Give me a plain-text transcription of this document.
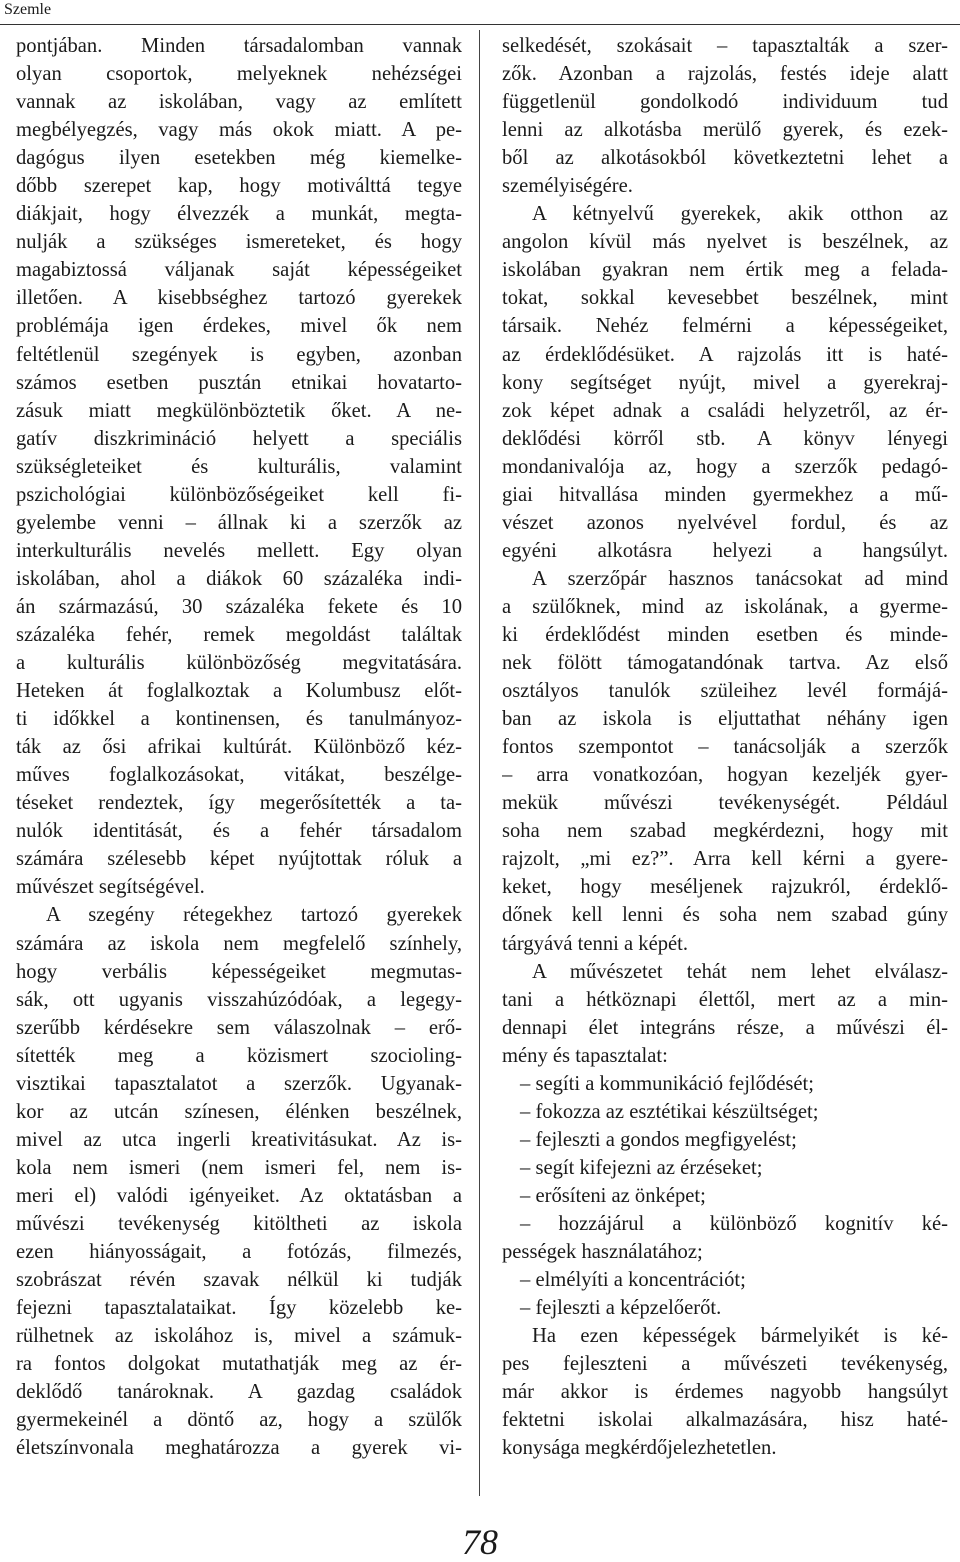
Szemle
pontjában. Minden társadalomban vannak
olyan csoportok, melyeknek nehézségei
vannak az iskolában, vagy az említett
megbélyegzés, vagy más okok miatt. A pe-
dagógus ilyen esetekben még kiemelke-
dőbb szerepet kap, hogy motiválttá tegye
diákjait, hogy élvezzék a munkát, megta-
nulják a szükséges ismereteket, és hogy
magabiztossá váljanak saját képességeiket
illetően. A kisebbséghez tartozó gyerekek
problémája igen érdekes, mivel ők nem
feltétlenül szegények is egyben, azonban
számos esetben pusztán etnikai hovatarto-
zásuk miatt megkülönböztetik őket. A ne-
gatív diszkrimináció helyett a speciális
szükségleteiket és kulturális, valamint
pszichológiai különbözőségeiket kell fi-
gyelembe venni – állnak ki a szerzők az
interkulturális nevelés mellett. Egy olyan
iskolában, ahol a diákok 60 százaléka indi-
án származású, 30 százaléka fekete és 10
százaléka fehér, remek megoldást találtak
a kulturális különbözőség megvitatására.
Heteken át foglalkoztak a Kolumbusz előt-
ti időkkel a kontinensen, és tanulmányoz-
ták az ősi afrikai kultúrát. Különböző kéz-
műves foglalkozásokat, vitákat, beszélge-
téseket rendeztek, így megerősítették a ta-
nulók identitását, és a fehér társadalom
számára szélesebb képet nyújtottak róluk a
művészet segítségével.
A szegény rétegekhez tartozó gyerekek
számára az iskola nem megfelelő színhely,
hogy verbális képességeiket megmutas-
sák, ott ugyanis visszahúzódóak, a legegy-
szerűbb kérdésekre sem válaszolnak – erő-
sítették meg a közismert szocioling-
visztikai tapasztalatot a szerzők. Ugyanak-
kor az utcán színesen, élénken beszélnek,
mivel az utca ingerli kreativitásukat. Az is-
kola nem ismeri (nem ismeri fel, nem is-
meri el) valódi igényeiket. Az oktatásban a
művészi tevékenység kitöltheti az iskola
ezen hiányosságait, a fotózás, filmezés,
szobrászat révén szavak nélkül ki tudják
fejezni tapasztalataikat. Így közelebb ke-
rülhetnek az iskolához is, mivel a számuk-
ra fontos dolgokat mutathatják meg az ér-
deklődő tanároknak. A gazdag családok
gyermekeinél a döntő az, hogy a szülők
életszínvonala meghatározza a gyerek vi-
selkedését, szokásait – tapasztalták a szer-
zők. Azonban a rajzolás, festés ideje alatt
függetlenül gondolkodó individuum tud
lenni az alkotásba merülő gyerek, és ezek-
ből az alkotásokból következtetni lehet a
személyiségére.
A kétnyelvű gyerekek, akik otthon az
angolon kívül más nyelvet is beszélnek, az
iskolában gyakran nem értik meg a felada-
tokat, sokkal kevesebbet beszélnek, mint
társaik. Nehéz felmérni a képességeiket,
az érdeklődésüket. A rajzolás itt is haté-
kony segítséget nyújt, mivel a gyerekraj-
zok képet adnak a családi helyzetről, az ér-
deklődési körről stb. A könyv lényegi
mondanivalója az, hogy a szerzők pedagó-
giai hitvallása minden gyermekhez a mű-
vészet azonos nyelvével fordul, és az
egyéni alkotásra helyezi a hangsúlyt.
A szerzőpár hasznos tanácsokat ad mind
a szülőknek, mind az iskolának, a gyerme-
ki érdeklődést minden esetben és minde-
nek fölött támogatandónak tartva. Az első
osztályos tanulók szüleihez levél formájá-
ban az iskola is eljuttathat néhány igen
fontos szempontot – tanácsolják a szerzők
– arra vonatkozóan, hogyan kezeljék gyer-
mekük művészi tevékenységét. Például
soha nem szabad megkérdezni, hogy mit
rajzolt, „mi ez?”. Arra kell kérni a gyere-
keket, hogy meséljenek rajzukról, érdeklő-
dőnek kell lenni és soha nem szabad gúny
tárgyává tenni a képét.
A művészetet tehát nem lehet elválasz-
tani a hétköznapi élettől, mert az a min-
dennapi élet integráns része, a művészi él-
mény és tapasztalat:
– segíti a kommunikáció fejlődését;
– fokozza az esztétikai készültséget;
– fejleszti a gondos megfigyelést;
– segít kifejezni az érzéseket;
– erősíteni az önképet;
– hozzájárul a különböző kognitív ké-
pességek használatához;
– elmélyíti a koncentrációt;
– fejleszti a képzelőerőt.
Ha ezen képességek bármelyikét is ké-
pes fejleszteni a művészeti tevékenység,
már akkor is érdemes nagyobb hangsúlyt
fektetni iskolai alkalmazására, hisz haté-
konysága megkérdőjelezhetetlen.
78
